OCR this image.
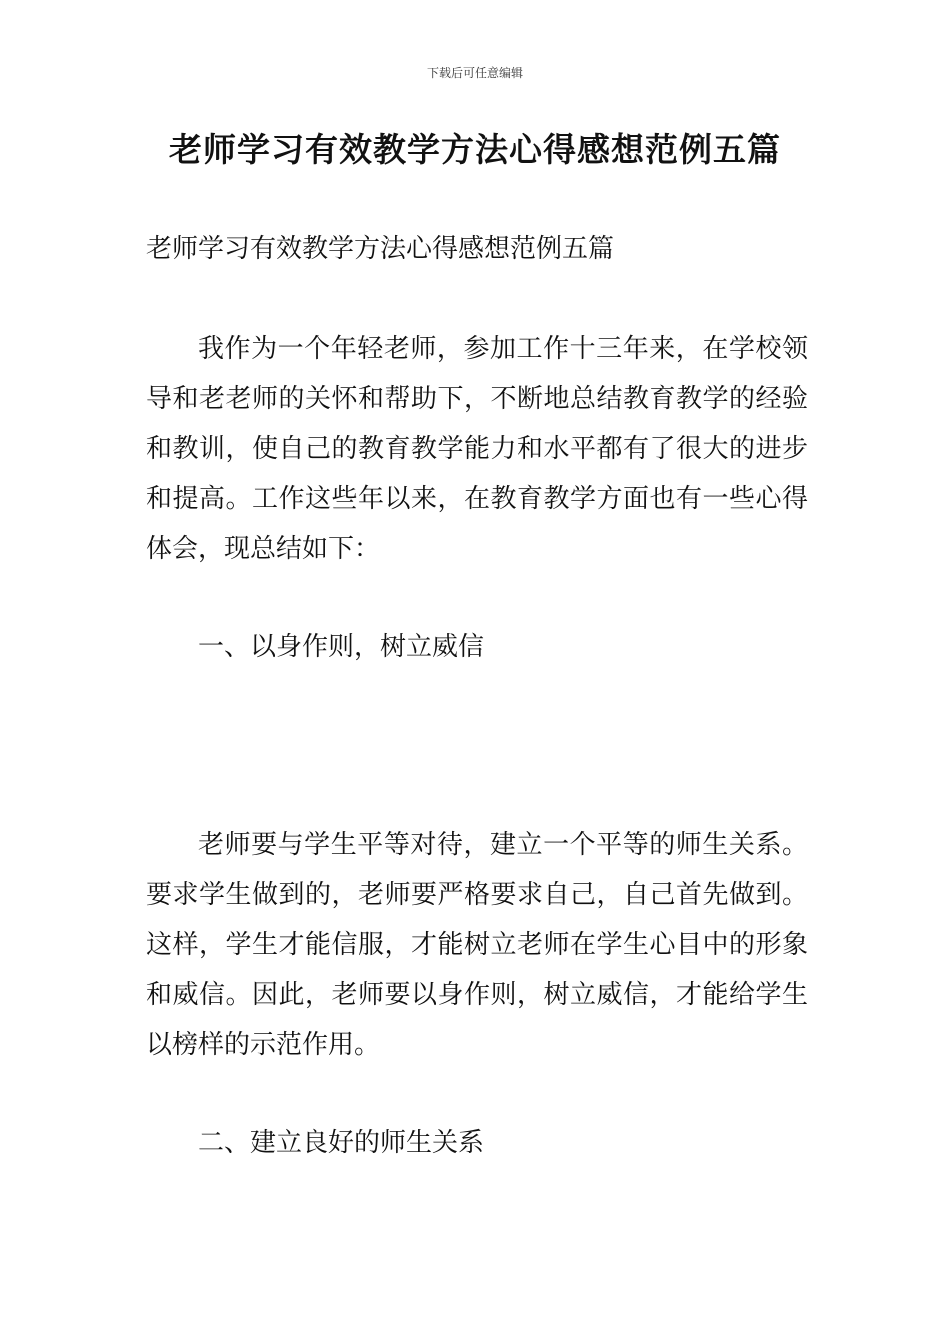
下载后可任意编辑
老师学习有效教学方法心得感想范例五篇

老师学习有效教学方法心得感想范例五篇

我作为一个年轻老师，参加工作十三年来，在学校领导和老老师的关怀和帮助下，不断地总结教育教学的经验和教训，使自己的教育教学能力和水平都有了很大的进步和提高。工作这些年以来，在教育教学方面也有一些心得体会，现总结如下：

一、以身作则，树立威信

老师要与学生平等对待，建立一个平等的师生关系。要求学生做到的，老师要严格要求自己，自己首先做到。这样，学生才能信服，才能树立老师在学生心目中的形象和威信。因此，老师要以身作则，树立威信，才能给学生以榜样的示范作用。

二、建立良好的师生关系
